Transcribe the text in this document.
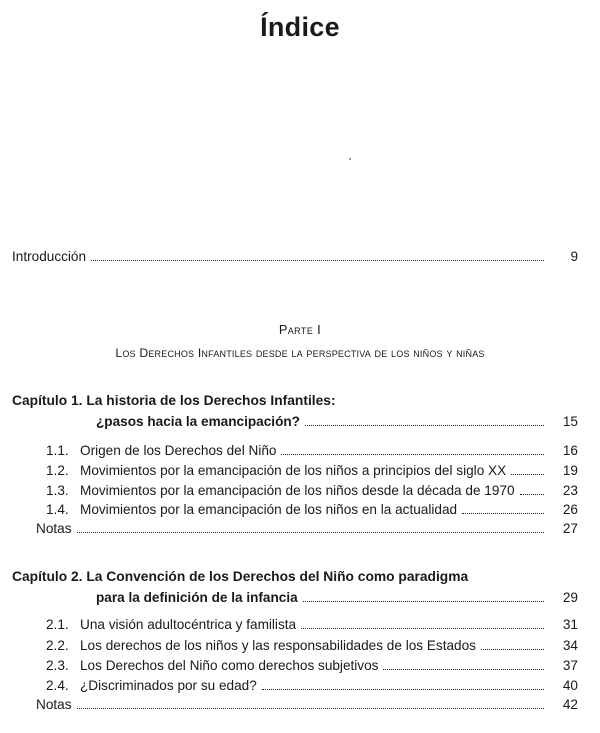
Índice
Introducción	9
Parte I
Los Derechos Infantiles desde la perspectiva de los niños y niñas
Capítulo 1. La historia de los Derechos Infantiles:
¿pasos hacia la emancipación?	15
1.1. Origen de los Derechos del Niño	16
1.2. Movimientos por la emancipación de los niños a principios del siglo XX	19
1.3. Movimientos por la emancipación de los niños desde la década de 1970	23
1.4. Movimientos por la emancipación de los niños en la actualidad	26
Notas	27
Capítulo 2. La Convención de los Derechos del Niño como paradigma
para la definición de la infancia	29
2.1. Una visión adultocéntrica y familista	31
2.2. Los derechos de los niños y las responsabilidades de los Estados	34
2.3. Los Derechos del Niño como derechos subjetivos	37
2.4. ¿Discriminados por su edad?	40
Notas	42
